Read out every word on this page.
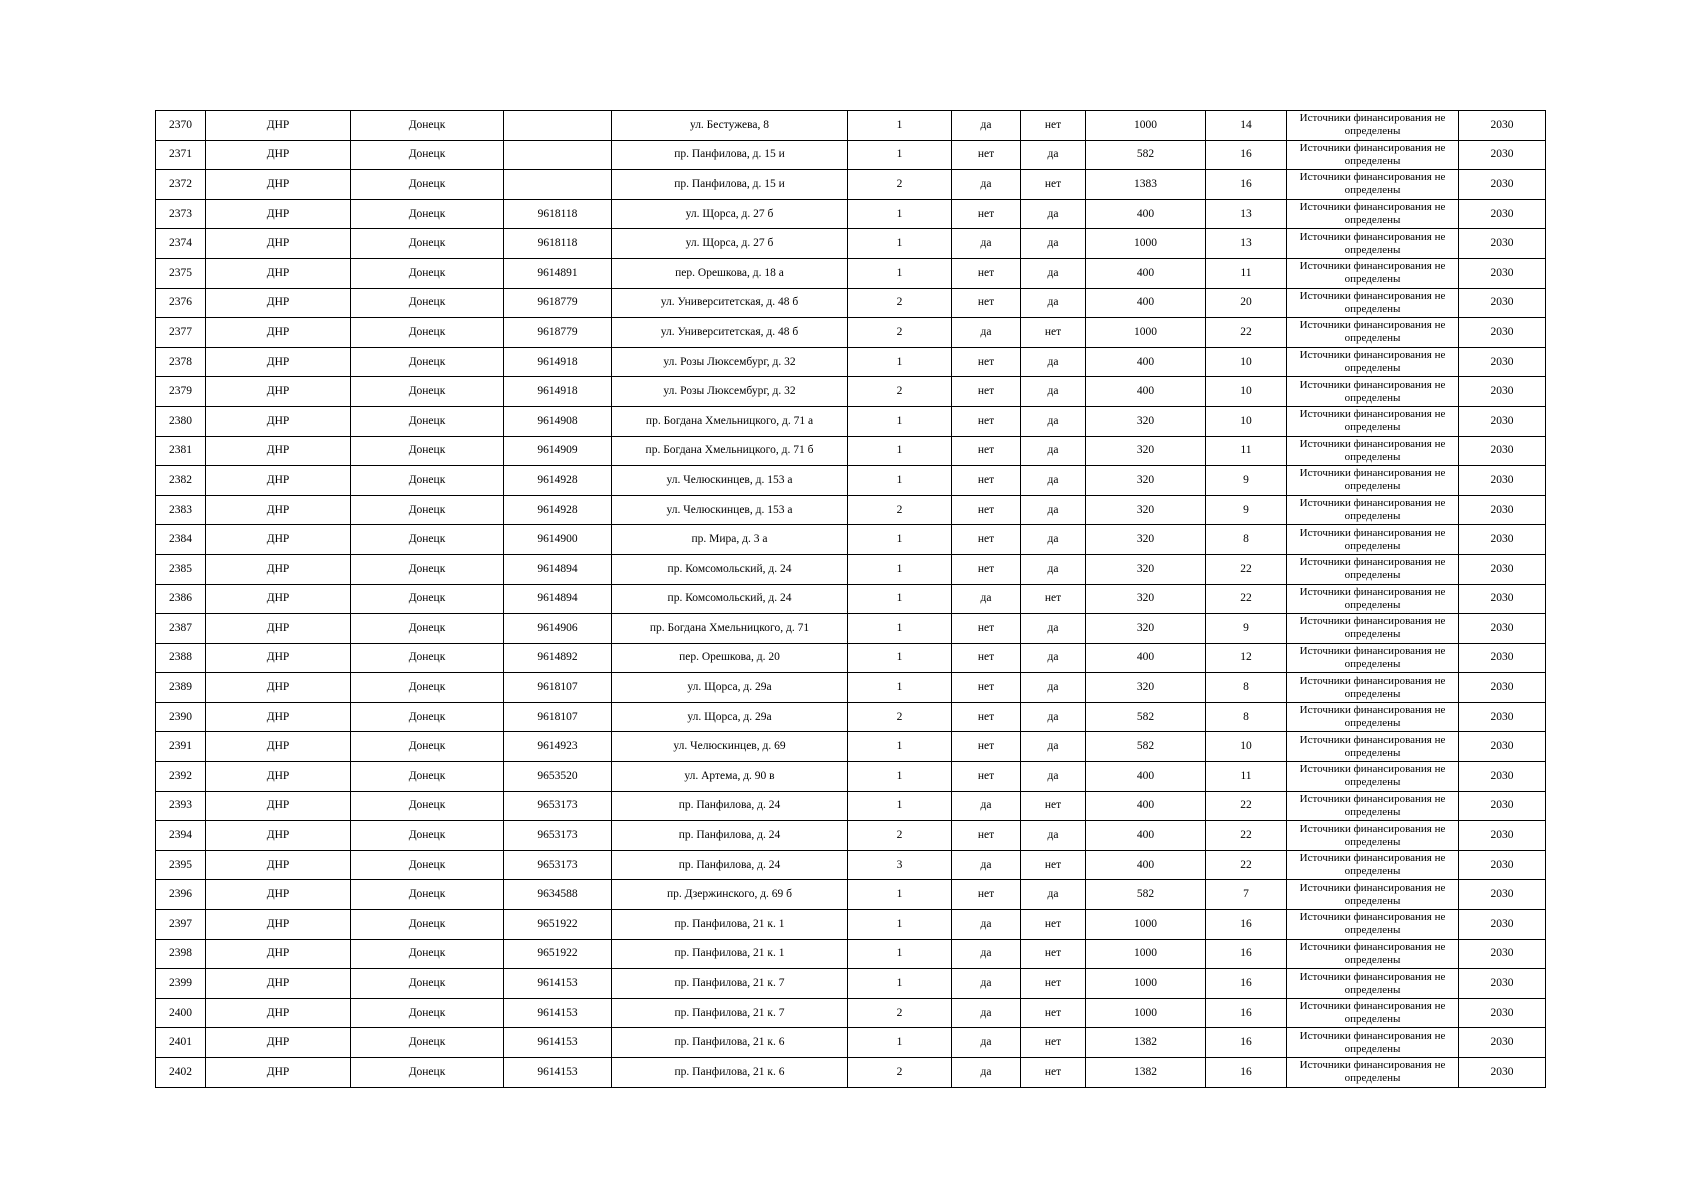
2370	ДНР	Донецк		ул. Бестужева, 8	1	да	нет	1000	14	Источники финансирования не определены	2030
2371	ДНР	Донецк		пр. Панфилова, д. 15 и	1	нет	да	582	16	Источники финансирования не определены	2030
2372	ДНР	Донецк		пр. Панфилова, д. 15 и	2	да	нет	1383	16	Источники финансирования не определены	2030
2373	ДНР	Донецк	9618118	ул. Щорса, д. 27 б	1	нет	да	400	13	Источники финансирования не определены	2030
2374	ДНР	Донецк	9618118	ул. Щорса, д. 27 б	1	да	да	1000	13	Источники финансирования не определены	2030
2375	ДНР	Донецк	9614891	пер. Орешкова, д. 18 а	1	нет	да	400	11	Источники финансирования не определены	2030
2376	ДНР	Донецк	9618779	ул. Университетская, д. 48 б	2	нет	да	400	20	Источники финансирования не определены	2030
2377	ДНР	Донецк	9618779	ул. Университетская, д. 48 б	2	да	нет	1000	22	Источники финансирования не определены	2030
2378	ДНР	Донецк	9614918	ул. Розы Люксембург, д. 32	1	нет	да	400	10	Источники финансирования не определены	2030
2379	ДНР	Донецк	9614918	ул. Розы Люксембург, д. 32	2	нет	да	400	10	Источники финансирования не определены	2030
2380	ДНР	Донецк	9614908	пр. Богдана Хмельницкого, д. 71 а	1	нет	да	320	10	Источники финансирования не определены	2030
2381	ДНР	Донецк	9614909	пр. Богдана Хмельницкого, д. 71 б	1	нет	да	320	11	Источники финансирования не определены	2030
2382	ДНР	Донецк	9614928	ул. Челюскинцев, д. 153 а	1	нет	да	320	9	Источники финансирования не определены	2030
2383	ДНР	Донецк	9614928	ул. Челюскинцев, д. 153 а	2	нет	да	320	9	Источники финансирования не определены	2030
2384	ДНР	Донецк	9614900	пр. Мира, д. 3 а	1	нет	да	320	8	Источники финансирования не определены	2030
2385	ДНР	Донецк	9614894	пр. Комсомольский, д. 24	1	нет	да	320	22	Источники финансирования не определены	2030
2386	ДНР	Донецк	9614894	пр. Комсомольский, д. 24	1	да	нет	320	22	Источники финансирования не определены	2030
2387	ДНР	Донецк	9614906	пр. Богдана Хмельницкого, д. 71	1	нет	да	320	9	Источники финансирования не определены	2030
2388	ДНР	Донецк	9614892	пер. Орешкова, д. 20	1	нет	да	400	12	Источники финансирования не определены	2030
2389	ДНР	Донецк	9618107	ул. Щорса, д. 29а	1	нет	да	320	8	Источники финансирования не определены	2030
2390	ДНР	Донецк	9618107	ул. Щорса, д. 29а	2	нет	да	582	8	Источники финансирования не определены	2030
2391	ДНР	Донецк	9614923	ул. Челюскинцев, д. 69	1	нет	да	582	10	Источники финансирования не определены	2030
2392	ДНР	Донецк	9653520	ул. Артема, д. 90 в	1	нет	да	400	11	Источники финансирования не определены	2030
2393	ДНР	Донецк	9653173	пр. Панфилова, д. 24	1	да	нет	400	22	Источники финансирования не определены	2030
2394	ДНР	Донецк	9653173	пр. Панфилова, д. 24	2	нет	да	400	22	Источники финансирования не определены	2030
2395	ДНР	Донецк	9653173	пр. Панфилова, д. 24	3	да	нет	400	22	Источники финансирования не определены	2030
2396	ДНР	Донецк	9634588	пр. Дзержинского, д. 69 б	1	нет	да	582	7	Источники финансирования не определены	2030
2397	ДНР	Донецк	9651922	пр. Панфилова, 21 к. 1	1	да	нет	1000	16	Источники финансирования не определены	2030
2398	ДНР	Донецк	9651922	пр. Панфилова, 21 к. 1	1	да	нет	1000	16	Источники финансирования не определены	2030
2399	ДНР	Донецк	9614153	пр. Панфилова, 21 к. 7	1	да	нет	1000	16	Источники финансирования не определены	2030
2400	ДНР	Донецк	9614153	пр. Панфилова, 21 к. 7	2	да	нет	1000	16	Источники финансирования не определены	2030
2401	ДНР	Донецк	9614153	пр. Панфилова, 21 к. 6	1	да	нет	1382	16	Источники финансирования не определены	2030
2402	ДНР	Донецк	9614153	пр. Панфилова, 21 к. 6	2	да	нет	1382	16	Источники финансирования не определены	2030
